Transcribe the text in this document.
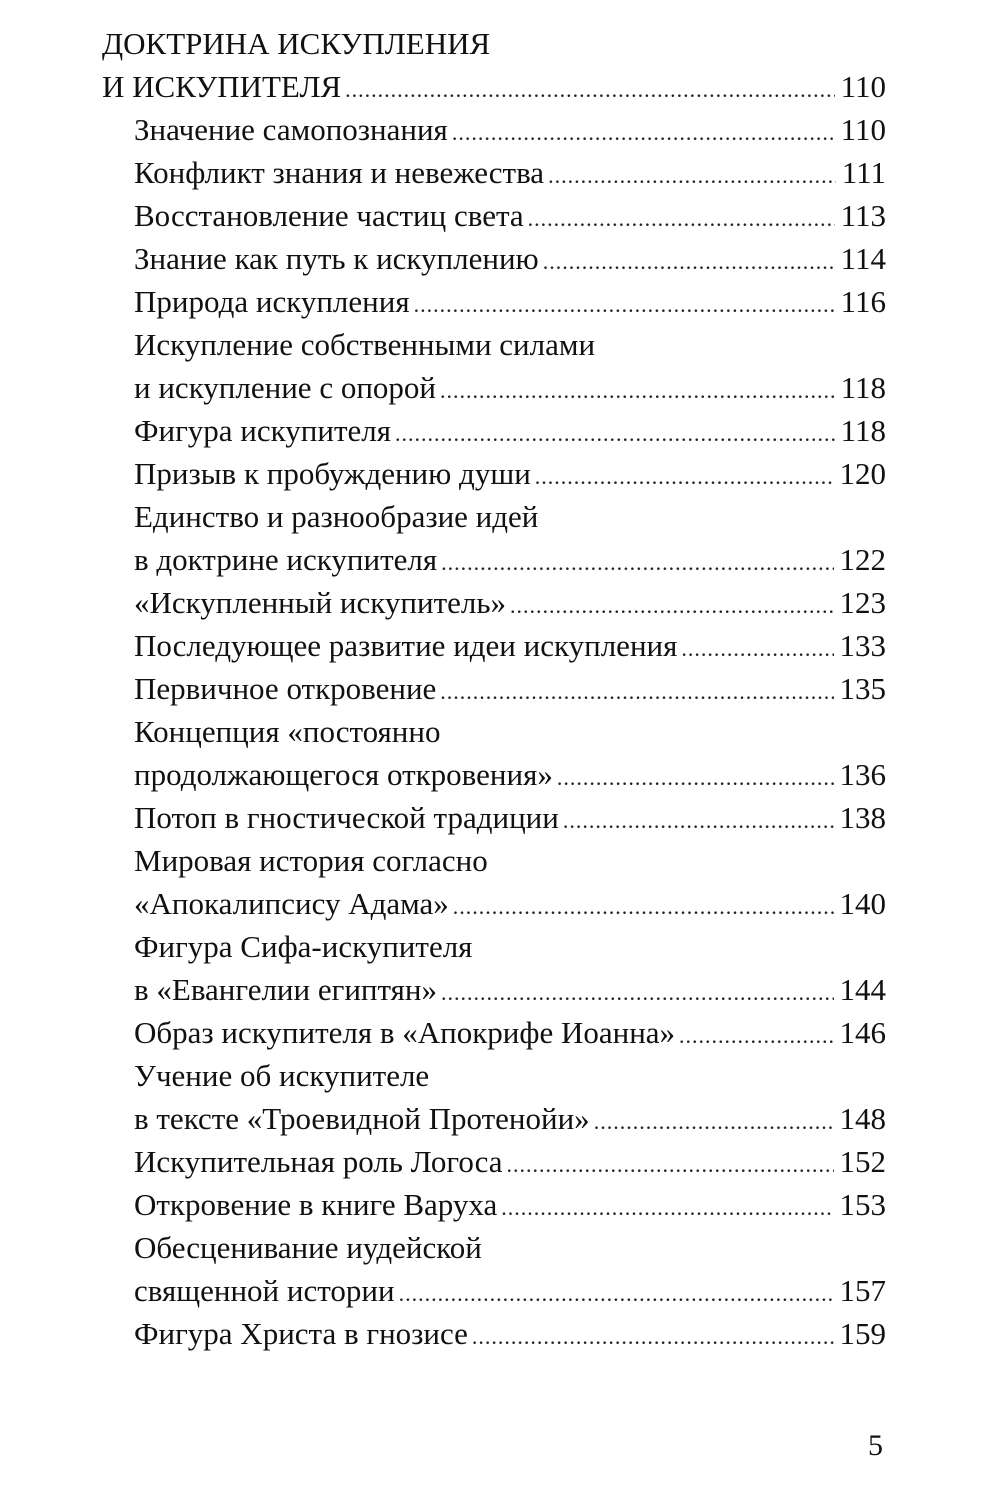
ДОКТРИНА ИСКУПЛЕНИЯ
И ИСКУПИТЕЛЯ .....	110
Значение самопознания .....	110
Конфликт знания и невежества .....	111
Восстановление частиц света .....	113
Знание как путь к искуплению .....	114
Природа искупления .....	116
Искупление собственными силами
и искупление с опорой .....	118
Фигура искупителя .....	118
Призыв к пробуждению души .....	120
Единство и разнообразие идей
в доктрине искупителя .....	122
«Искупленный искупитель» .....	123
Последующее развитие идеи искупления .....	133
Первичное откровение .....	135
Концепция «постоянно
продолжающегося откровения» .....	136
Потоп в гностической традиции .....	138
Мировая история согласно
«Апокалипсису Адама» .....	140
Фигура Сифа-искупителя
в «Евангелии египтян» .....	144
Образ искупителя в «Апокрифе Иоанна» .....	146
Учение об искупителе
в тексте «Троевидной Протенойи» .....	148
Искупительная роль Логоса .....	152
Откровение в книге Варуха .....	153
Обесценивание иудейской
священной истории .....	157
Фигура Христа в гнозисе .....	159
5
